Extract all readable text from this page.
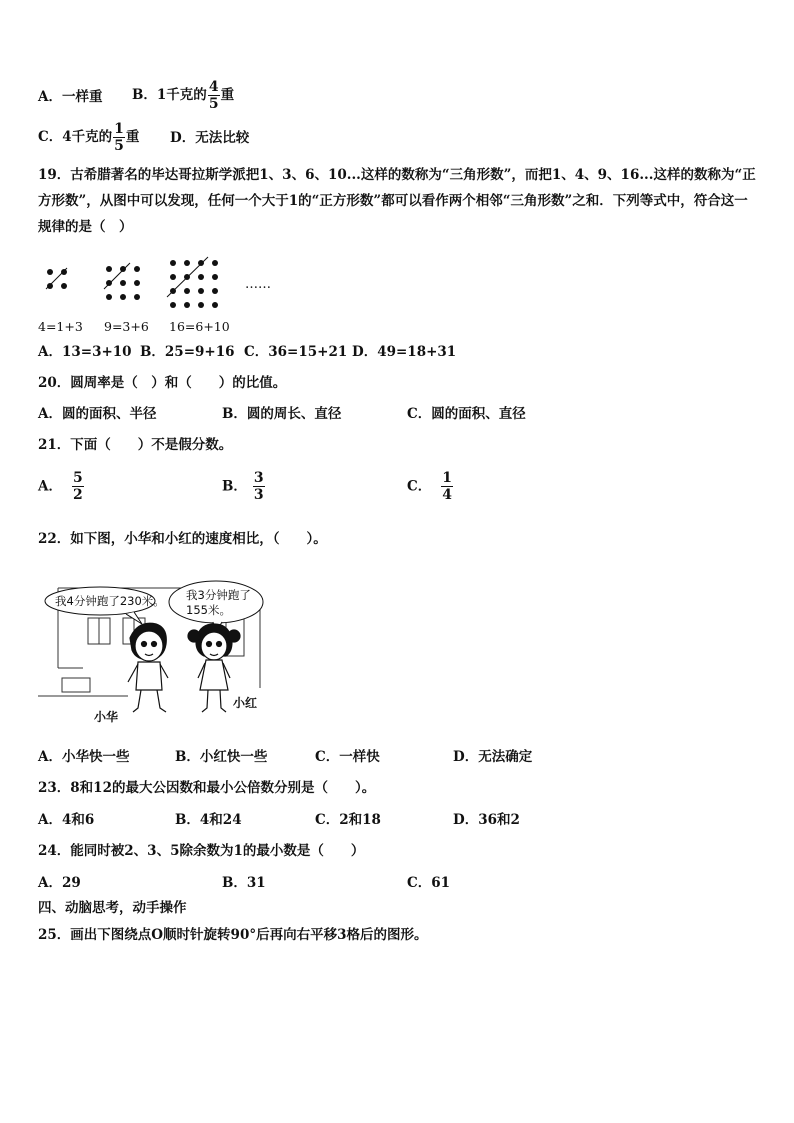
A．一样重 B．1千克的 $\frac{4}{5}$ 重
C．4千克的 $\frac{1}{5}$ 重 D．无法比较
19．古希腊著名的毕达哥拉斯学派把1、3、6、10...这样的数称为“三角形数”，而把1、4、9、16...这样的数称为“正方形数”，从图中可以发现，任何一个大于1的“正方形数”都可以看作两个相邻“三角形数”之和．下列等式中，符合这一规律的是（　）
……
4=1+3 9=3+6 16=6+10
A．13=3+10 B．25=9+16 C．36=15+21 D．49=18+31
20．圆周率是（　）和（　　）的比值。
A．圆的面积、半径	B．圆的周长、直径	C．圆的面积、直径
21．下面（　　）不是假分数。
A． $\frac{5}{2}$	B． $\frac{3}{3}$	C． $\frac{1}{4}$
22．如下图，小华和小红的速度相比，（　　）。
我4分钟跑了230米。 我3分钟跑了
155米。
小华
小红
A．小华快一些	B．小红快一些	C．一样快	D．无法确定
23．8和12的最大公因数和最小公倍数分别是（　　）。
A．4和6	B．4和24	C．2和18	D．36和2
24．能同时被2、3、5除余数为1的最小数是（　　）
A．29	B．31	C．61
四、动脑思考，动手操作
25．画出下图绕点O顺时针旋转90°后再向右平移3格后的图形。
